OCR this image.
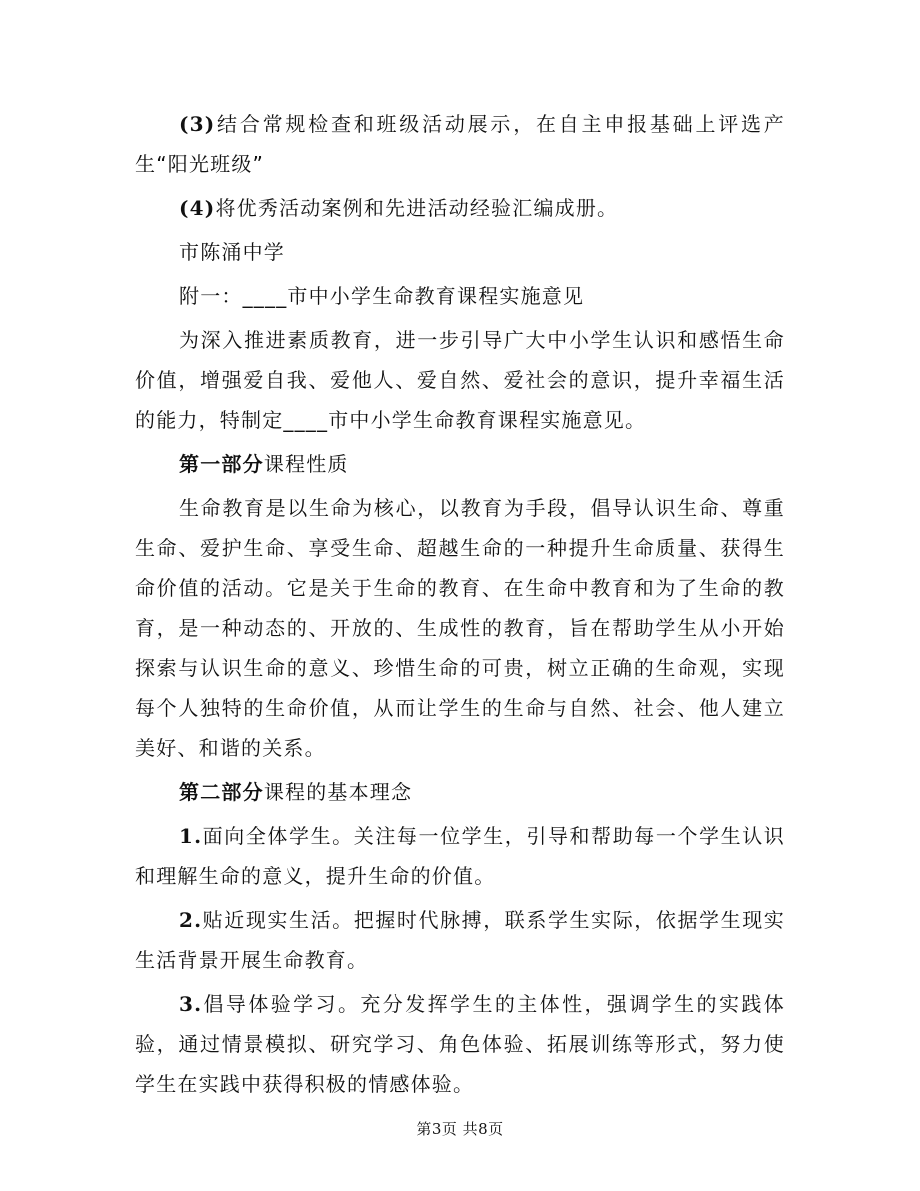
(3)结合常规检查和班级活动展示，在自主申报基础上评选产生“阳光班级”

(4)将优秀活动案例和先进活动经验汇编成册。

市陈涌中学

附一：____市中小学生命教育课程实施意见

为深入推进素质教育，进一步引导广大中小学生认识和感悟生命价值，增强爱自我、爱他人、爱自然、爱社会的意识，提升幸福生活的能力，特制定____市中小学生命教育课程实施意见。

第一部分课程性质

生命教育是以生命为核心，以教育为手段，倡导认识生命、尊重生命、爱护生命、享受生命、超越生命的一种提升生命质量、获得生命价值的活动。它是关于生命的教育、在生命中教育和为了生命的教育，是一种动态的、开放的、生成性的教育，旨在帮助学生从小开始探索与认识生命的意义、珍惜生命的可贵，树立正确的生命观，实现每个人独特的生命价值，从而让学生的生命与自然、社会、他人建立美好、和谐的关系。

第二部分课程的基本理念

1.面向全体学生。关注每一位学生，引导和帮助每一个学生认识和理解生命的意义，提升生命的价值。

2.贴近现实生活。把握时代脉搏，联系学生实际，依据学生现实生活背景开展生命教育。

3.倡导体验学习。充分发挥学生的主体性，强调学生的实践体验，通过情景模拟、研究学习、角色体验、拓展训练等形式，努力使学生在实践中获得积极的情感体验。

第3页 共8页
